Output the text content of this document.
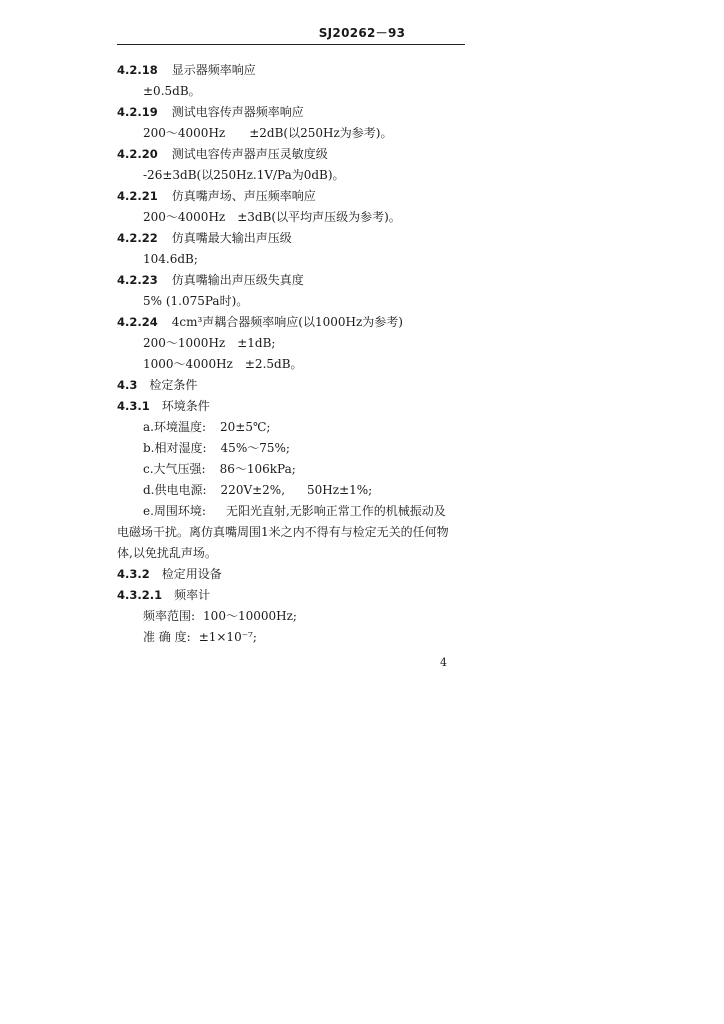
SJ20262－93
4.2.18 显示器频率响应
±0.5dB。
4.2.19 测试电容传声器频率响应
200～4000Hz ±2dB(以250Hz为参考)。
4.2.20 测试电容传声器声压灵敏度级
-26±3dB(以250Hz.1V/Pa为0dB)。
4.2.21 仿真嘴声场、声压频率响应
200～4000Hz ±3dB(以平均声压级为参考)。
4.2.22 仿真嘴最大输出声压级
104.6dB;
4.2.23 仿真嘴输出声压级失真度
5% (1.075Pa时)。
4.2.24 4cm³声耦合器频率响应(以1000Hz为参考)
200～1000Hz ±1dB;
1000～4000Hz ±2.5dB。
4.3 检定条件
4.3.1 环境条件
a.环境温度: 20±5℃;
b.相对湿度: 45%～75%;
c.大气压强: 86～106kPa;
d.供电电源: 220V±2%, 50Hz±1%;
e.周围环境: 无阳光直射,无影响正常工作的机械振动及
电磁场干扰。离仿真嘴周围1米之内不得有与检定无关的任何物
体,以免扰乱声场。
4.3.2 检定用设备
4.3.2.1 频率计
频率范围: 100～10000Hz;
准 确 度: ±1×10⁻⁷;
4
